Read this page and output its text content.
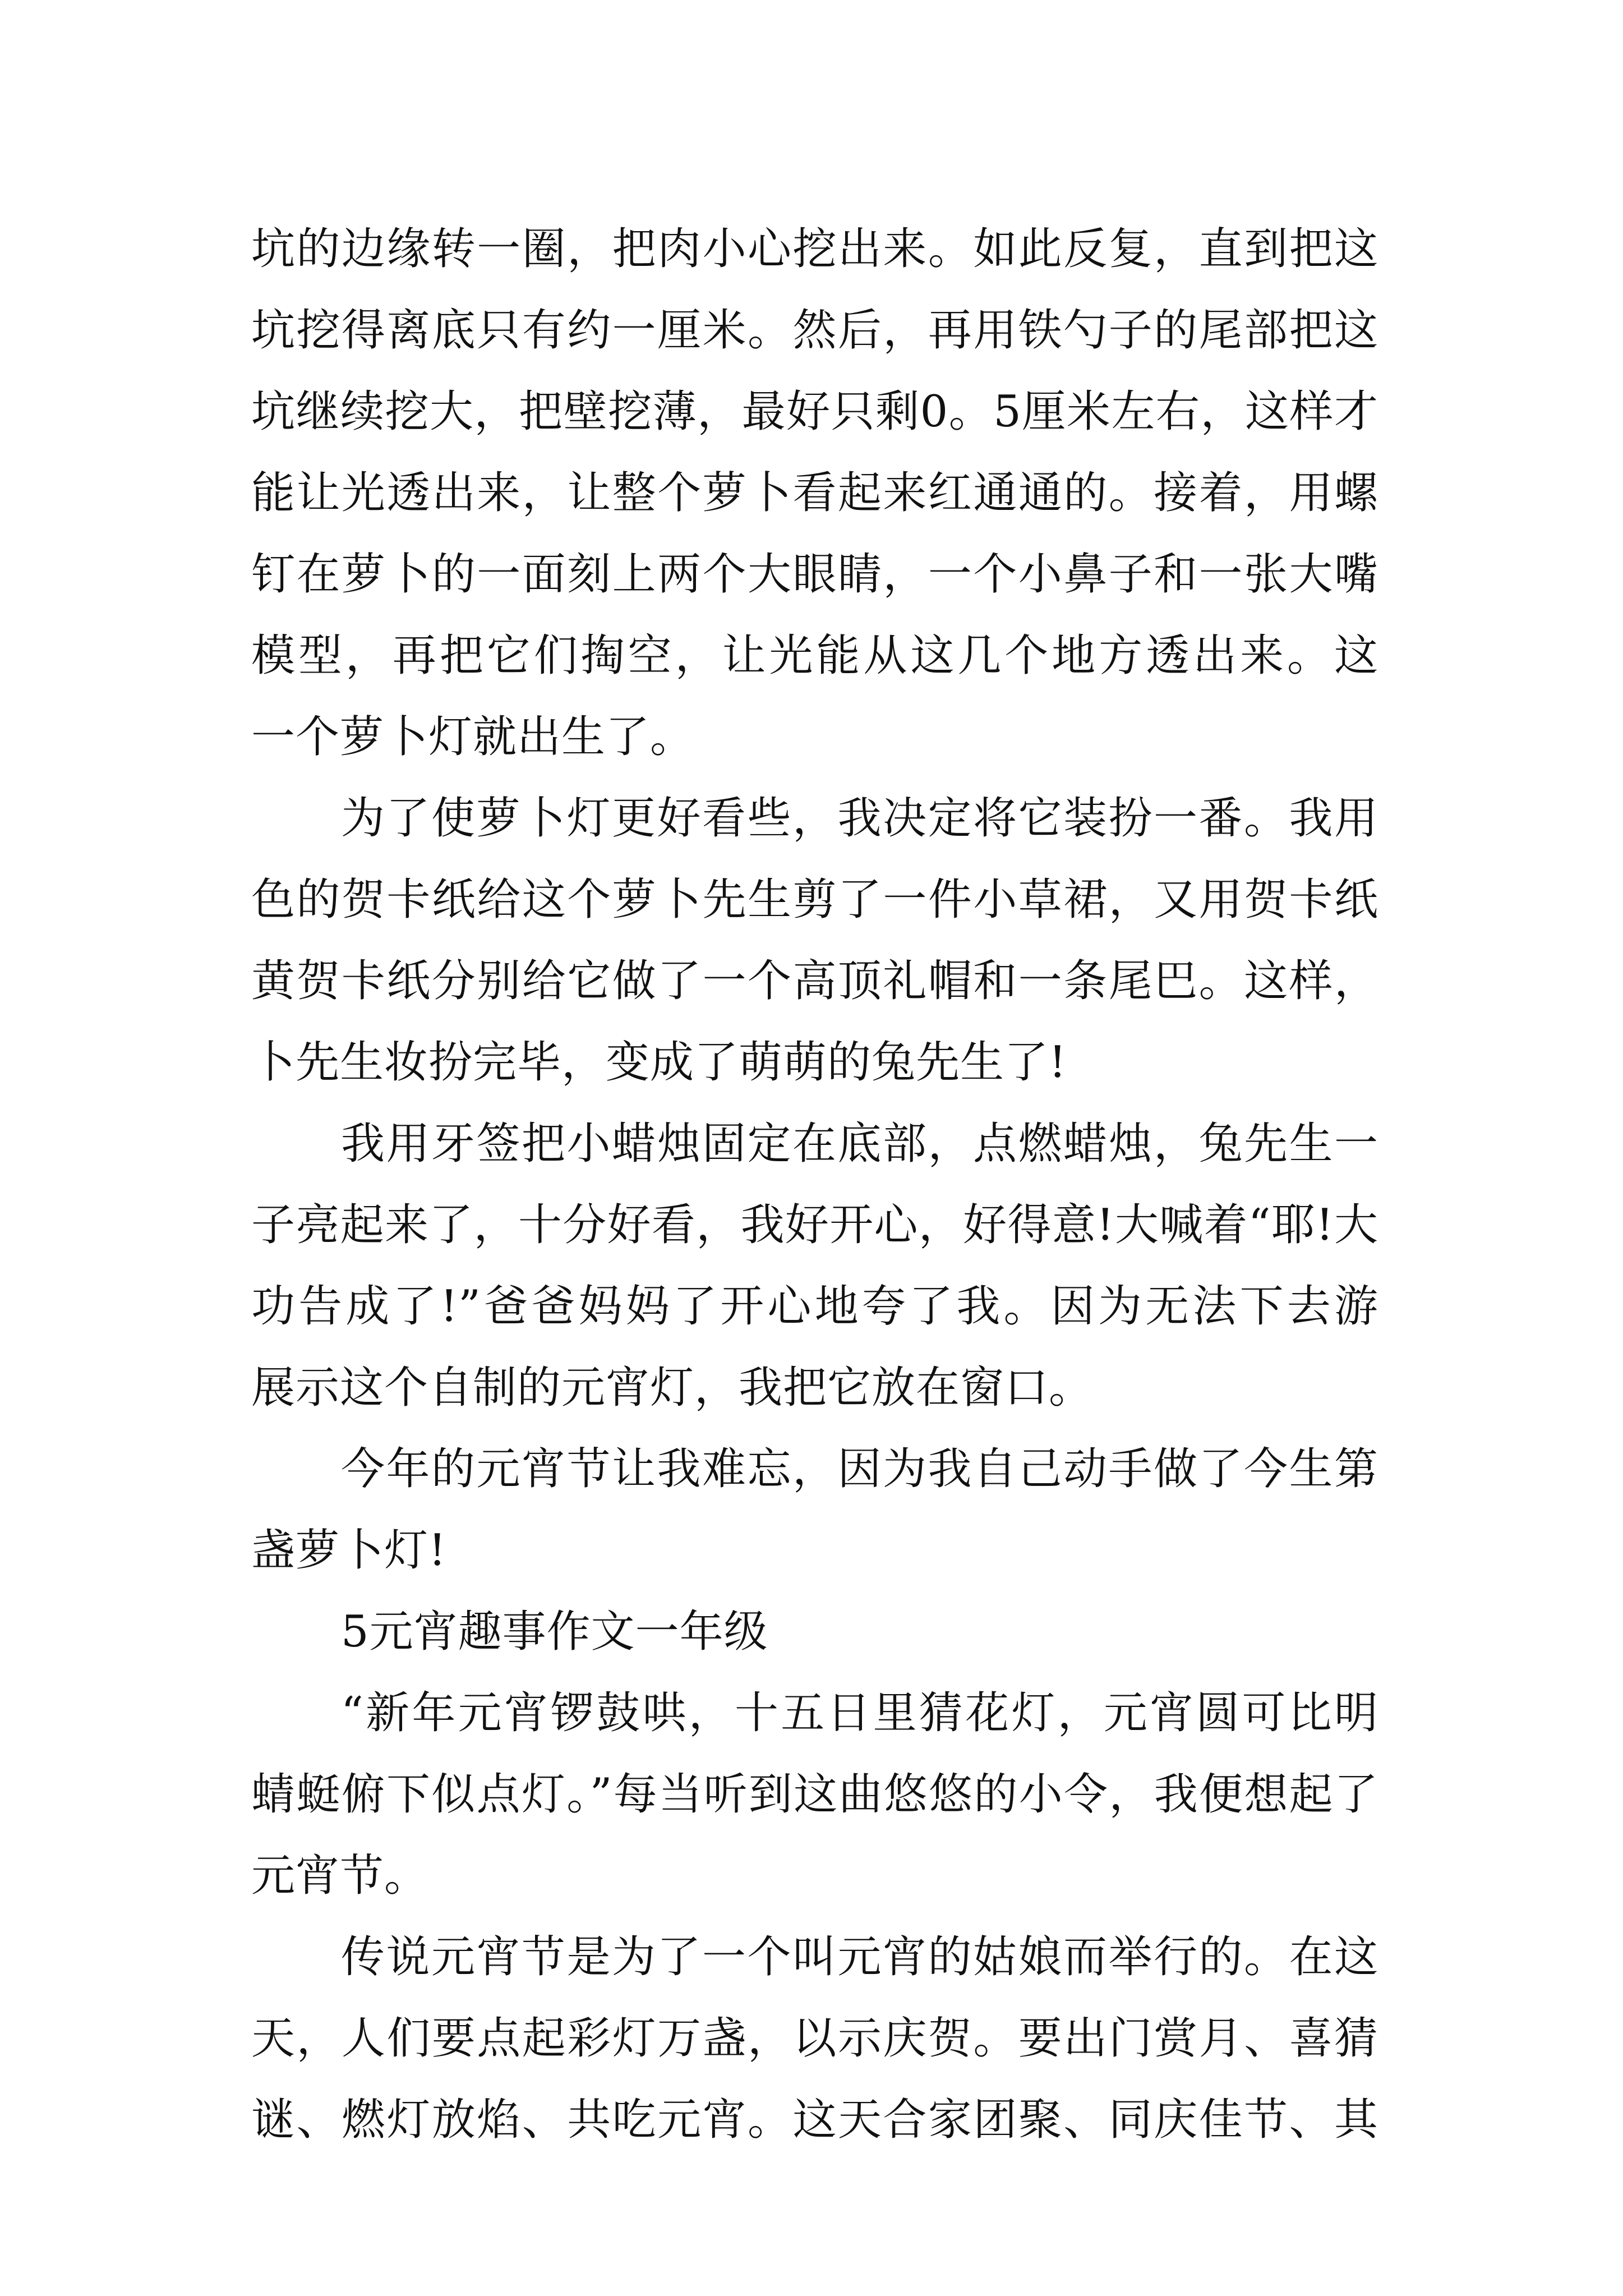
坑的边缘转一圈，把肉小心挖出来。如此反复，直到把这
坑挖得离底只有约一厘米。然后，再用铁勺子的尾部把这
坑继续挖大，把壁挖薄，最好只剩0。5厘米左右，这样才
能让光透出来，让整个萝卜看起来红通通的。接着，用螺
钉在萝卜的一面刻上两个大眼睛，一个小鼻子和一张大嘴
模型，再把它们掏空，让光能从这几个地方透出来。这
一个萝卜灯就出生了。
为了使萝卜灯更好看些，我决定将它装扮一番。我用
色的贺卡纸给这个萝卜先生剪了一件小草裙，又用贺卡纸
黄贺卡纸分别给它做了一个高顶礼帽和一条尾巴。这样，
卜先生妆扮完毕，变成了萌萌的兔先生了!
我用牙签把小蜡烛固定在底部，点燃蜡烛，兔先生一
子亮起来了，十分好看，我好开心，好得意!大喊着“耶!大
功告成了!”爸爸妈妈了开心地夸了我。因为无法下去游
展示这个自制的元宵灯，我把它放在窗口。
今年的元宵节让我难忘，因为我自己动手做了今生第
盏萝卜灯!
5元宵趣事作文一年级
“新年元宵锣鼓哄，十五日里猜花灯，元宵圆可比明
蜻蜓俯下似点灯。”每当听到这曲悠悠的小令，我便想起了
元宵节。
传说元宵节是为了一个叫元宵的姑娘而举行的。在这
天，人们要点起彩灯万盏，以示庆贺。要出门赏月、喜猜
谜、燃灯放焰、共吃元宵。这天合家团聚、同庆佳节、其
